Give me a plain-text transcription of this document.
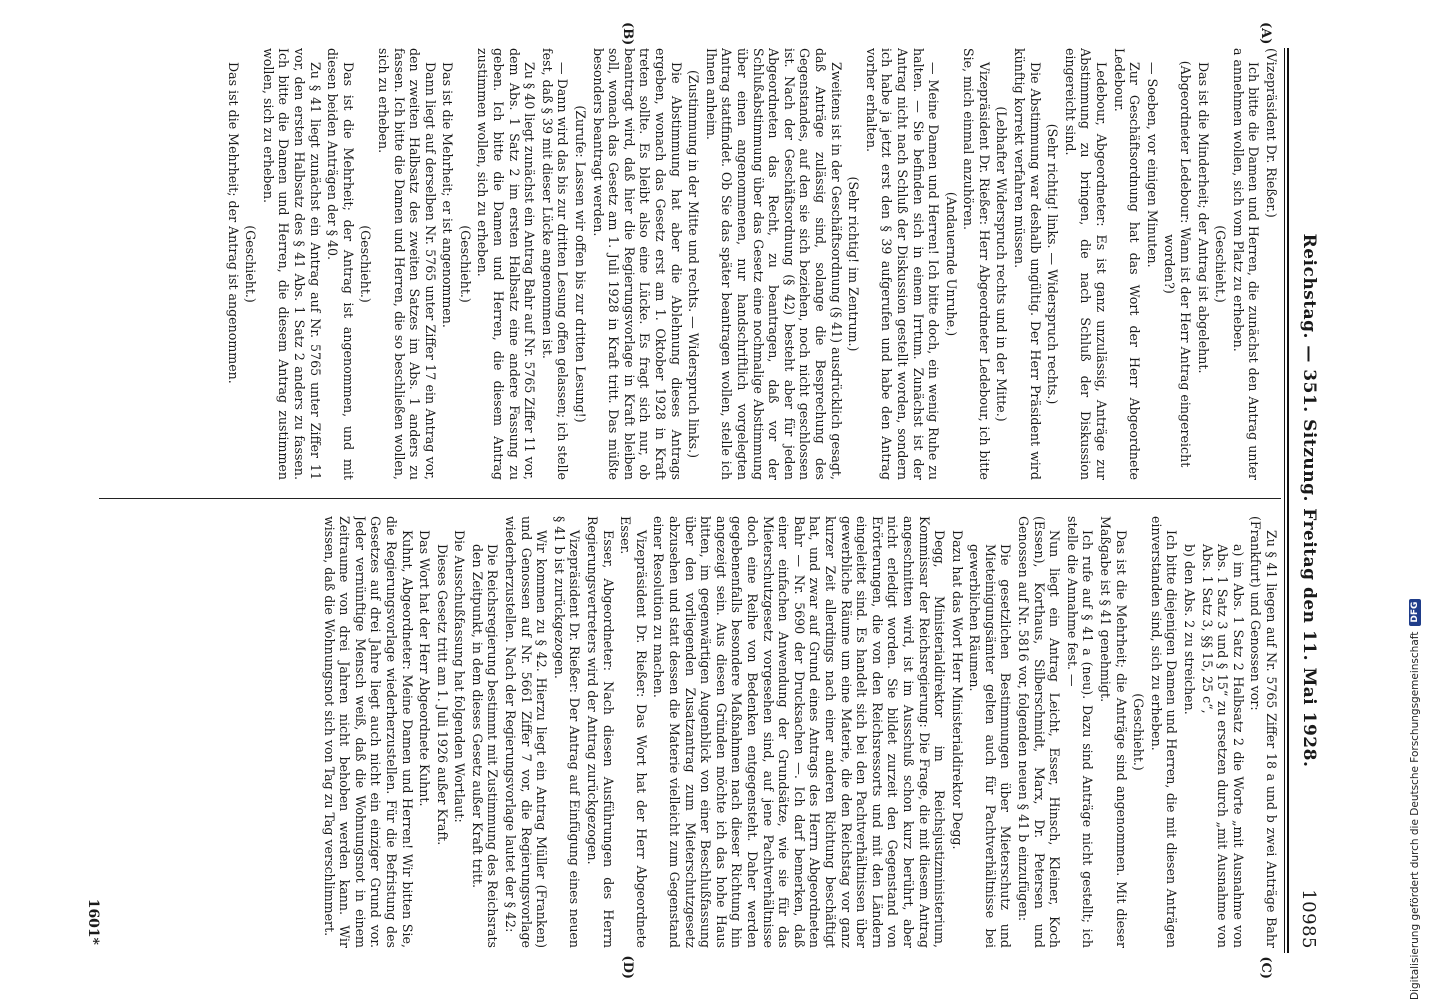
Reichstag. — 351. Sitzung. Freitag den 11. Mai 1928.
10985
(A)
(B)
(C)
(D)

(Vizepräsident Dr. Rießer.)

Ich bitte die Damen und Herren, die zunächst den Antrag unter a annehmen wollen, sich vom Platz zu erheben.

(Geschieht.)

Das ist die Minderheit; der Antrag ist abgelehnt.

(Abgeordneter Ledebour: Wann ist der Herr Antrag eingereicht worden?)

— Soeben, vor einigen Minuten.

Zur Geschäftsordnung hat das Wort der Herr Abgeordnete Ledebour.

Ledebour, Abgeordneter: Es ist ganz unzulässig, Anträge zur Abstimmung zu bringen, die nach Schluß der Diskussion eingereicht sind.

(Sehr richtig! links. — Widerspruch rechts.)

Die Abstimmung war deshalb ungültig. Der Herr Präsident wird künftig korrekt verfahren müssen.

(Lebhafter Widerspruch rechts und in der Mitte.)

Vizepräsident Dr. Rießer: Herr Abgeordneter Ledebour, ich bitte Sie, mich einmal anzuhören.

(Andauernde Unruhe.)

— Meine Damen und Herren! Ich bitte doch, ein wenig Ruhe zu halten. — Sie befinden sich in einem Irrtum. Zunächst ist der Antrag nicht nach Schluß der Diskussion gestellt worden, sondern ich habe ja jetzt erst den § 39 aufgerufen und habe den Antrag vorher erhalten.

(Sehr richtig! im Zentrum.)

Zweitens ist in der Geschäftsordnung (§ 41) ausdrücklich gesagt, daß Anträge zulässig sind, solange die Besprechung des Gegenstandes, auf den sie sich beziehen, noch nicht geschlossen ist. Nach der Geschäftsordnung (§ 42) besteht aber für jeden Abgeordneten das Recht, zu beantragen, daß vor der Schlußabstimmung über das Gesetz eine nochmalige Abstimmung über einen angenommenen, nur handschriftlich vorgelegten Antrag stattfindet. Ob Sie das später beantragen wollen, stelle ich Ihnen anheim.

(Zustimmung in der Mitte und rechts. — Widerspruch links.)

Die Abstimmung hat aber die Ablehnung dieses Antrags ergeben, wonach das Gesetz erst am 1. Oktober 1928 in Kraft treten sollte. Es bleibt also eine Lücke. Es fragt sich nur, ob beantragt wird, daß hier die Regierungsvorlage in Kraft bleiben soll, wonach das Gesetz am 1. Juli 1928 in Kraft tritt. Das müßte besonders beantragt werden.

(Zurufe: Lassen wir offen bis zur dritten Lesung!)

— Dann wird das bis zur dritten Lesung offen gelassen; ich stelle fest, daß § 39 mit dieser Lücke angenommen ist.

Zu § 40 liegt zunächst ein Antrag Bahr auf Nr. 5765 Ziffer 11 vor, dem Abs. 1 Satz 2 im ersten Halbsatz eine andere Fassung zu geben. Ich bitte die Damen und Herren, die diesem Antrag zustimmen wollen, sich zu erheben.

(Geschieht.)

Das ist die Mehrheit; er ist angenommen.

Dann liegt auf derselben Nr. 5765 unter Ziffer 17 ein Antrag vor, den zweiten Halbsatz des zweiten Satzes im Abs. 1 anders zu fassen. Ich bitte die Damen und Herren, die so beschließen wollen, sich zu erheben.

(Geschieht.)

Das ist die Mehrheit; der Antrag ist angenommen, und mit diesen beiden Anträgen der § 40.

Zu § 41 liegt zunächst ein Antrag auf Nr. 5765 unter Ziffer 11 vor, den ersten Halbsatz des § 41 Abs. 1 Satz 2 anders zu fassen. Ich bitte die Damen und Herren, die diesem Antrag zustimmen wollen, sich zu erheben.

(Geschieht.)

Das ist die Mehrheit; der Antrag ist angenommen.

Zu § 41 liegen auf Nr. 5765 Ziffer 18 a und b zwei Anträge Bahr (Frankfurt) und Genossen vor:

a) im Abs. 1 Satz 2 Halbsatz 2 die Worte „mit Ausnahme von Abs. 1 Satz 3 und § 15“ zu ersetzen durch „mit Ausnahme von Abs. 1 Satz 3, §§ 15, 25 c“,

b) den Abs. 2 zu streichen.

Ich bitte diejenigen Damen und Herren, die mit diesen Anträgen einverstanden sind, sich zu erheben.

(Geschieht.)

Das ist die Mehrheit; die Anträge sind angenommen. Mit dieser Maßgabe ist § 41 genehmigt.

Ich rufe auf § 41 a (neu). Dazu sind Anträge nicht gestellt; ich stelle die Annahme fest. —

Nun liegt ein Antrag Leicht, Esser, Hinsch, Kleiner, Koch (Essen), Korthaus, Silberschmidt, Marx, Dr. Petersen und Genossen auf Nr. 5816 vor, folgenden neuen § 41 b einzufügen:

Die gesetzlichen Bestimmungen über Mieterschutz und Mieteinigungsämter gelten auch für Pachtverhältnisse bei gewerblichen Räumen.

Dazu hat das Wort Herr Ministerialdirektor Degg.

Degg, Ministerialdirektor im Reichsjustizministerium, Kommissar der Reichsregierung: Die Frage, die mit diesem Antrag angeschnitten wird, ist im Ausschuß schon kurz berührt, aber nicht erledigt worden. Sie bildet zurzeit den Gegenstand von Erörterungen, die von den Reichsressorts und mit den Ländern eingeleitet sind. Es handelt sich bei den Pachtverhältnissen über gewerbliche Räume um eine Materie, die den Reichstag vor ganz kurzer Zeit allerdings nach einer anderen Richtung beschäftigt hat, und zwar auf Grund eines Antrags des Herrn Abgeordneten Bahr — Nr. 5690 der Drucksachen —. Ich darf bemerken, daß einer einfachen Anwendung der Grundsätze, wie sie für das Mieterschutzgesetz vorgesehen sind, auf jene Pachtverhältnisse doch eine Reihe von Bedenken entgegensteht. Daher werden gegebenenfalls besondere Maßnahmen nach dieser Richtung hin angezeigt sein. Aus diesen Gründen möchte ich das hohe Haus bitten, im gegenwärtigen Augenblick von einer Beschlußfassung über den vorliegenden Zusatzantrag zum Mieterschutzgesetz abzusehen und statt dessen die Materie vielleicht zum Gegenstand einer Resolution zu machen.

Vizepräsident Dr. Rießer: Das Wort hat der Herr Abgeordnete Esser.

Esser, Abgeordneter: Nach diesen Ausführungen des Herrn Regierungsvertreters wird der Antrag zurückgezogen.

Vizepräsident Dr. Rießer: Der Antrag auf Einfügung eines neuen § 41 b ist zurückgezogen.

Wir kommen zu § 42. Hierzu liegt ein Antrag Müller (Franken) und Genossen auf Nr. 5661 Ziffer 7 vor, die Regierungsvorlage wiederherzustellen. Nach der Regierungsvorlage lautet der § 42:

Die Reichsregierung bestimmt mit Zustimmung des Reichsrats den Zeitpunkt, in dem dieses Gesetz außer Kraft tritt.

Die Ausschußfassung hat folgenden Wortlaut:

Dieses Gesetz tritt am 1. Juli 1926 außer Kraft.

Das Wort hat der Herr Abgeordnete Kuhnt.

Kuhnt, Abgeordneter: Meine Damen und Herren! Wir bitten Sie, die Regierungsvorlage wiederherzustellen. Für die Befristung des Gesetzes auf drei Jahre liegt auch nicht ein einziger Grund vor. Jeder vernünftige Mensch weiß, daß die Wohnungsnot in einem Zeitraume von drei Jahren nicht behoben werden kann. Wir wissen, daß die Wohnungsnot sich von Tag zu Tag verschlimmert.

1601*	Digitalisierung gefördert durch die Deutsche Forschungsgemeinschaft
DFG
